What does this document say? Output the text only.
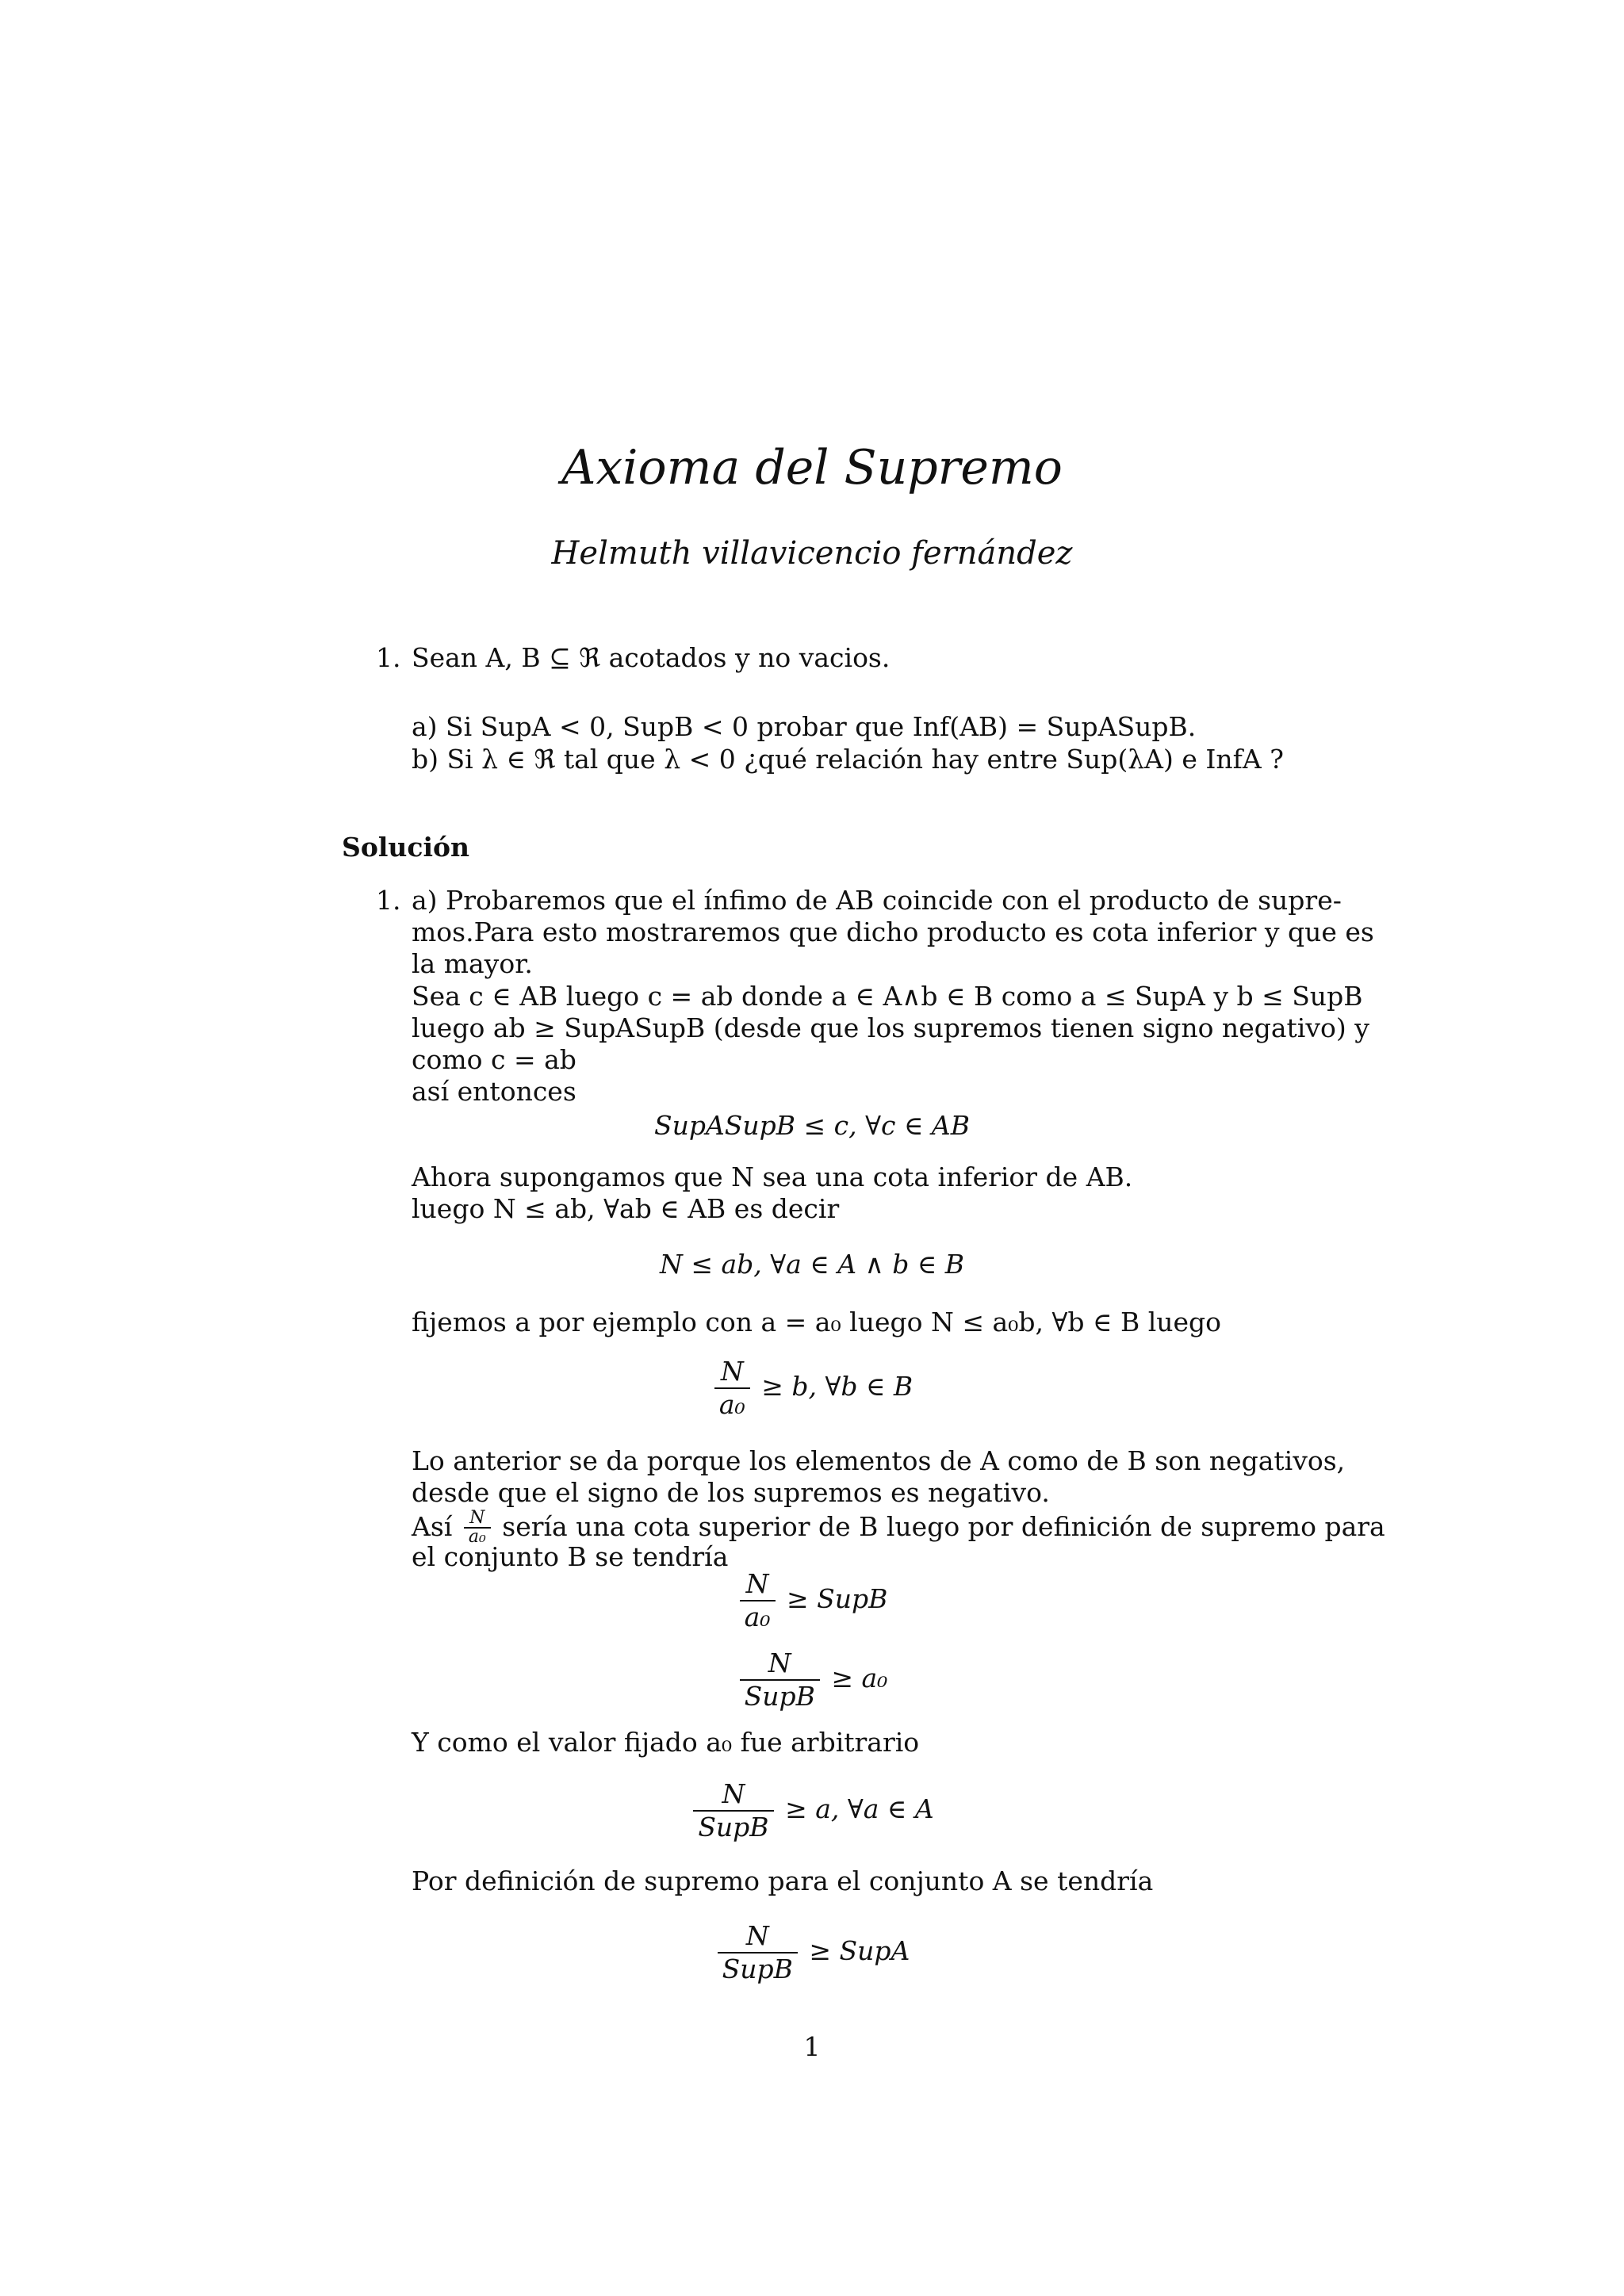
Axioma del Supremo
Helmuth villavicencio fernández
1. Sean A, B ⊆ ℜ acotados y no vacios.
a) Si SupA < 0, SupB < 0 probar que Inf(AB) = SupASupB.
b) Si λ ∈ ℜ tal que λ < 0 ¿qué relación hay entre Sup(λA) e InfA ?
Solución
1. a) Probaremos que el ínfimo de AB coincide con el producto de supre-
mos.Para esto mostraremos que dicho producto es cota inferior y que es
la mayor.
Sea c ∈ AB luego c = ab donde a ∈ A∧b ∈ B como a ≤ SupA y b ≤ SupB
luego ab ≥ SupASupB (desde que los supremos tienen signo negativo) y
como c = ab
así entonces
SupASupB ≤ c, ∀c ∈ AB
Ahora supongamos que N sea una cota inferior de AB.
luego N ≤ ab, ∀ab ∈ AB es decir
N ≤ ab, ∀a ∈ A ∧ b ∈ B
fijemos a por ejemplo con a = a₀ luego N ≤ a₀b, ∀b ∈ B luego
$\frac{N}{\text{a₀}} \ge b$, ∀b ∈ B
Lo anterior se da porque los elementos de A como de B son negativos,
desde que el signo de los supremos es negativo.
Así $\frac{N}{\text{a₀}}$ sería una cota superior de B luego por definición de supremo para
el conjunto B se tendría
$\frac{N}{\text{a₀}}$ ≥ SupB
$\frac{N}{\text{SupB}} \ge a_0$
Y como el valor fijado a₀ fue arbitrario
$\frac{N}{\text{SupB}} \ge a$, ∀a ∈ A
Por definición de supremo para el conjunto A se tendría
$\frac{N}{\text{SupB}}$ ≥ SupA
1
